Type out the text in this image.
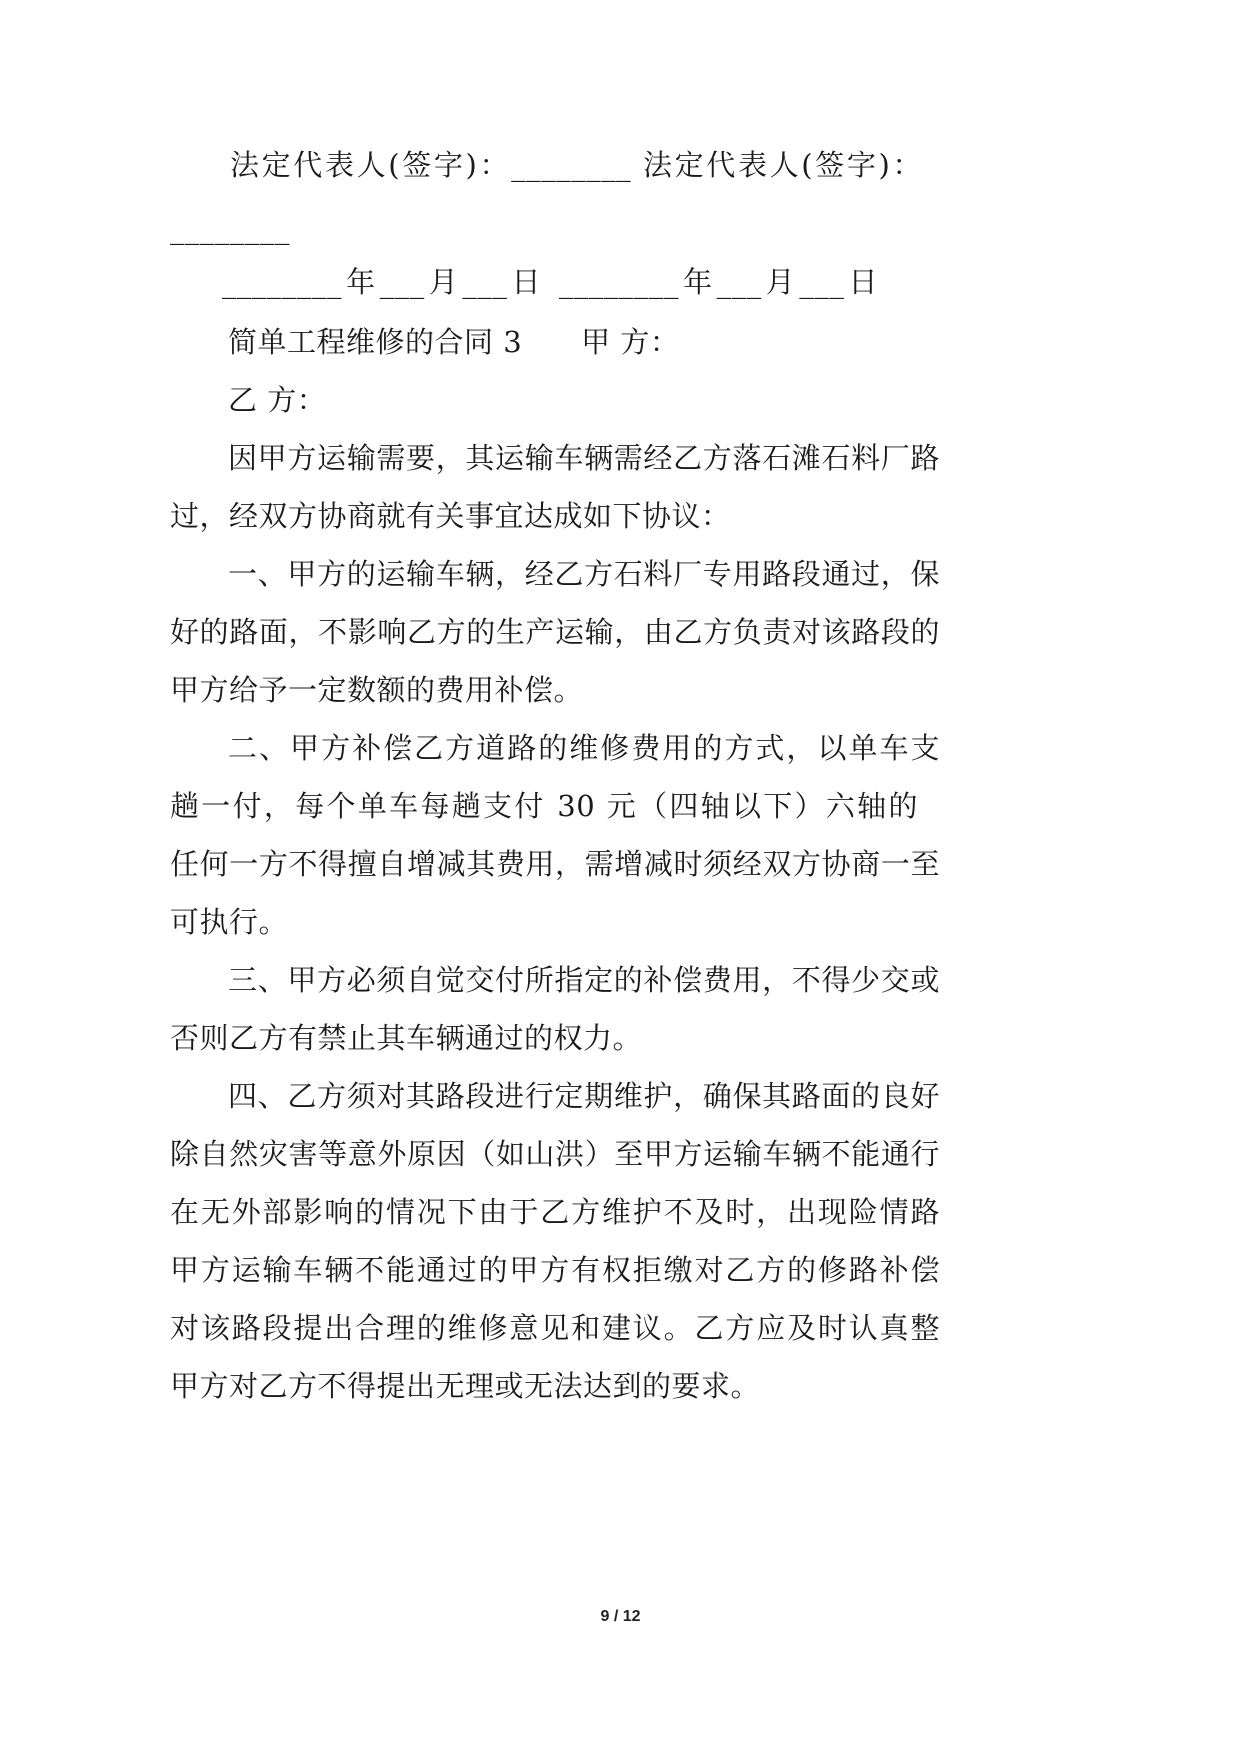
法定代表人(签字)：________ 法定代表人(签字)：
________
________年___月___日 ________年___月___日
简单工程维修的合同 3　　甲 方：
乙 方：
因甲方运输需要，其运输车辆需经乙方落石滩石料厂路
过，经双方协商就有关事宜达成如下协议：
一、甲方的运输车辆，经乙方石料厂专用路段通过，保
好的路面，不影响乙方的生产运输，由乙方负责对该路段的
甲方给予一定数额的费用补偿。
二、甲方补偿乙方道路的维修费用的方式，以单车支
趟一付，每个单车每趟支付 30 元（四轴以下）六轴的
任何一方不得擅自增减其费用，需增减时须经双方协商一至
可执行。
三、甲方必须自觉交付所指定的补偿费用，不得少交或
否则乙方有禁止其车辆通过的权力。
四、乙方须对其路段进行定期维护，确保其路面的良好
除自然灾害等意外原因（如山洪）至甲方运输车辆不能通行
在无外部影响的情况下由于乙方维护不及时，出现险情路
甲方运输车辆不能通过的甲方有权拒缴对乙方的修路补偿
对该路段提出合理的维修意见和建议。乙方应及时认真整
甲方对乙方不得提出无理或无法达到的要求。
9 / 12
